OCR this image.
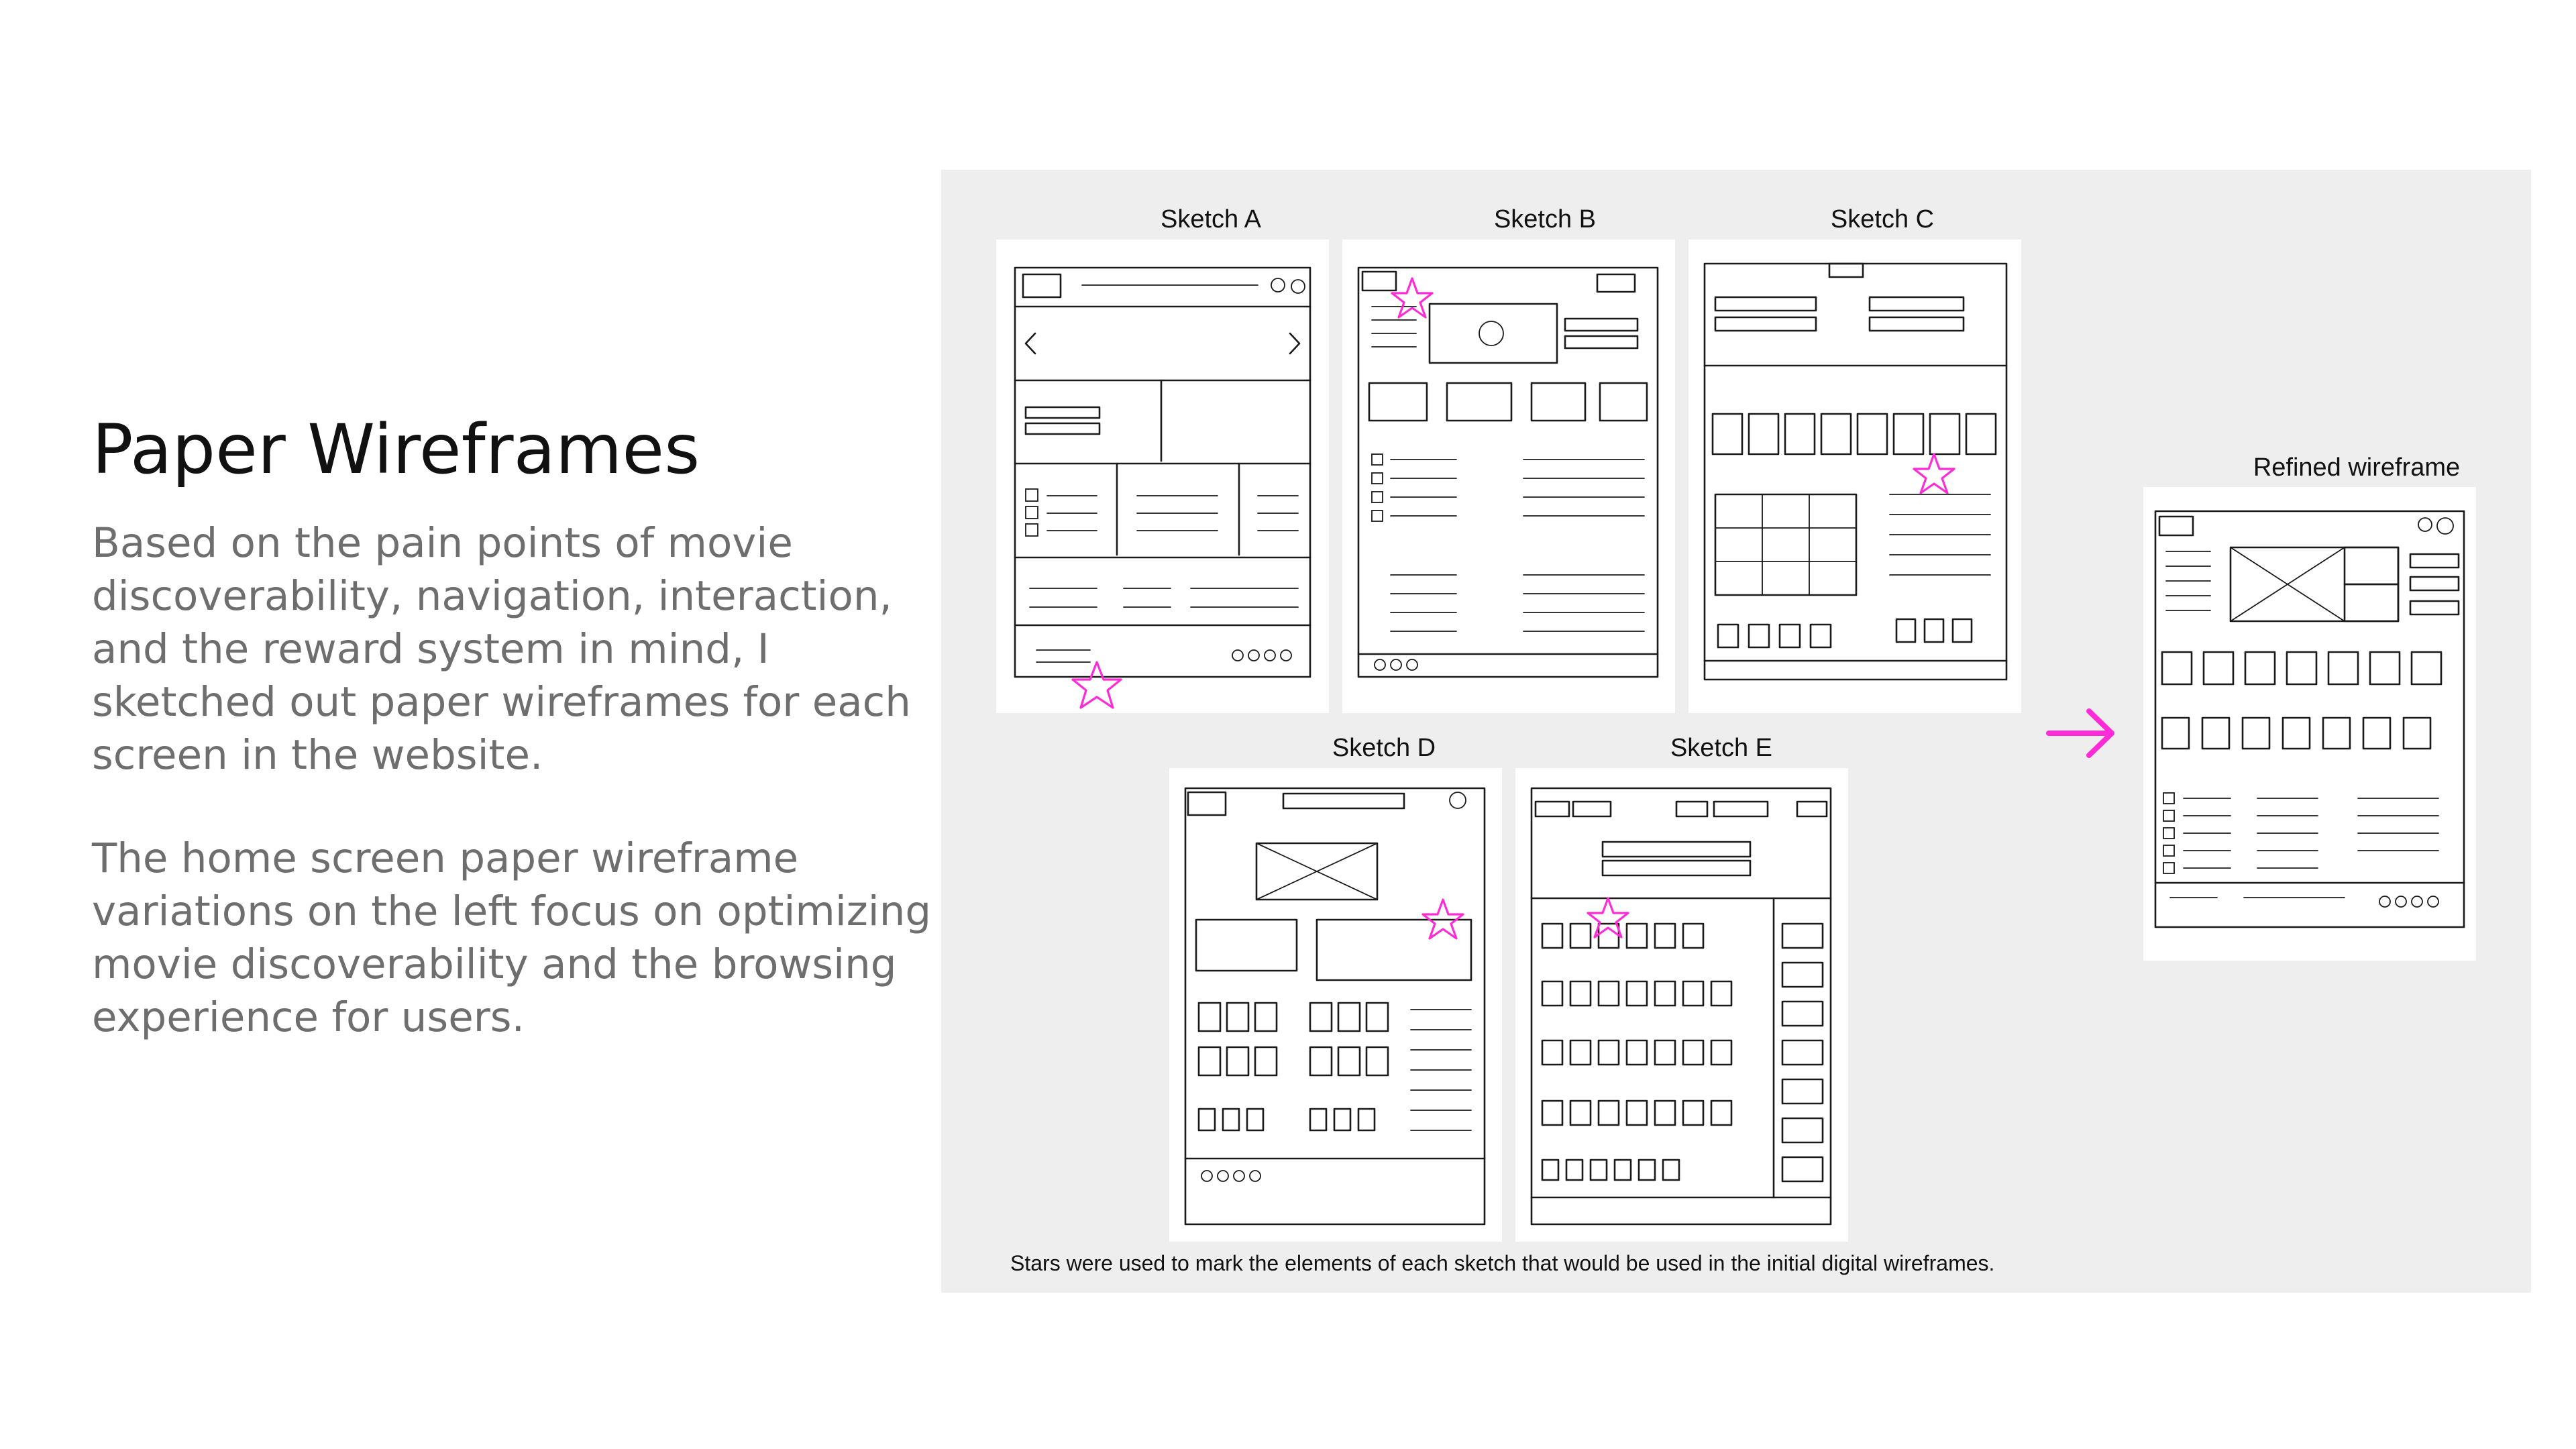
Paper Wireframes

Based on the pain points of movie discoverability, navigation, interaction, and the reward system in mind, I sketched out paper wireframes for each screen in the website.

The home screen paper wireframe variations on the left focus on optimizing movie discoverability and the browsing experience for users.

Sketch A	Sketch B	Sketch C
Sketch D	Sketch E
Refined wireframe
Stars were used to mark the elements of each sketch that would be used in the initial digital wireframes.
